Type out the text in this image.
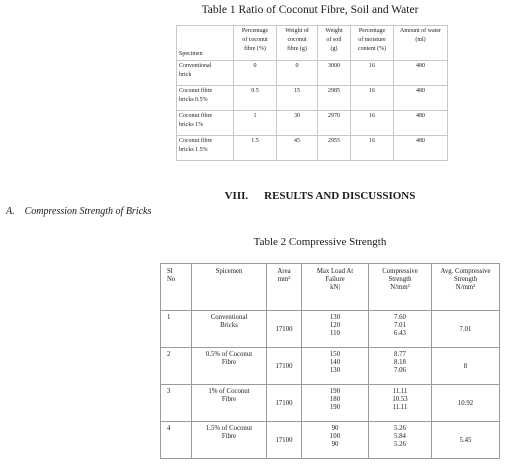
Table 1 Ratio of Coconut Fibre, Soil and Water
Specimen	Percentage
of coconut
fibre (%)	Weight of
coconut
fibre (g)	Weight
of soil
(g)	Percentage
of moisture
content (%)	Amount of water
(ml)
Conventional
brick	0	0	3000	16	480
Coconut fibre
bricks 0.5%	0.5	15	2985	16	480
Coconut fibre
bricks 1%	1	30	2970	16	480
Coconut fibre
bricks 1.5%	1.5	45	2955	16	480
VIII. RESULTS AND DISCUSSIONS
A. Compression Strength of Bricks
Table 2 Compressive Strength
Sl
No	Spicemen	Area
mm²	Max Load At
Failure
kN|	Compressive
Strength
N/mm²	Avg. Compressive
Strength
N/mm²
1	Conventional
Bricks	17100	130
120
110	7.60
7.01
6.43	7.01
2	0.5% of Coconut
Fibre	17100	150
140
130	8.77
8.18
7.06	8
3	1% of Coconut
Fibre	17100	190
180
190	11.11
10.53
11.11	10.92
4	1.5% of Coconut
Fibre	17100	90
100
90	5.26
5.84
5.26	5.45
